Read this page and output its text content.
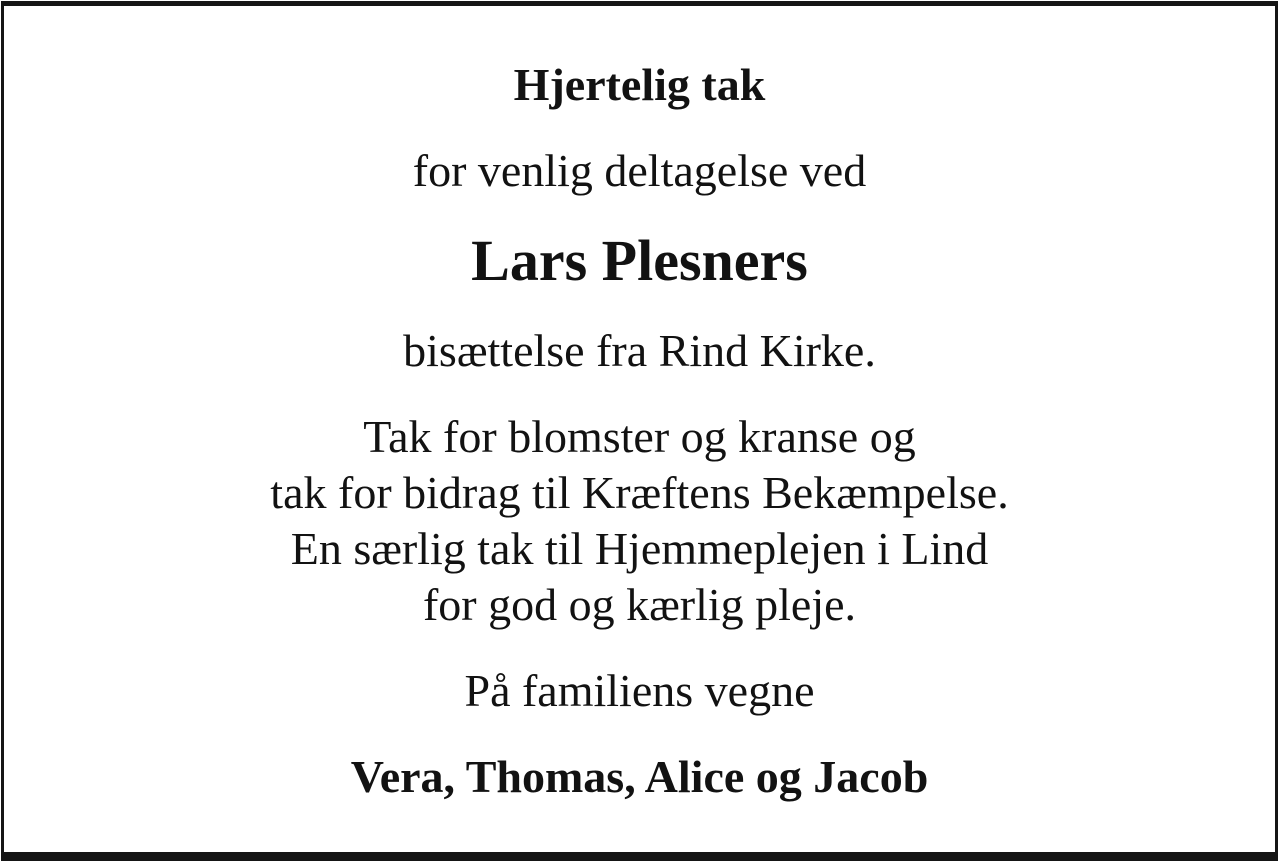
Hjertelig tak
for venlig deltagelse ved
Lars Plesners
bisættelse fra Rind Kirke.
Tak for blomster og kranse og
tak for bidrag til Kræftens Bekæmpelse.
En særlig tak til Hjemmeplejen i Lind
for god og kærlig pleje.
På familiens vegne
Vera, Thomas, Alice og Jacob
